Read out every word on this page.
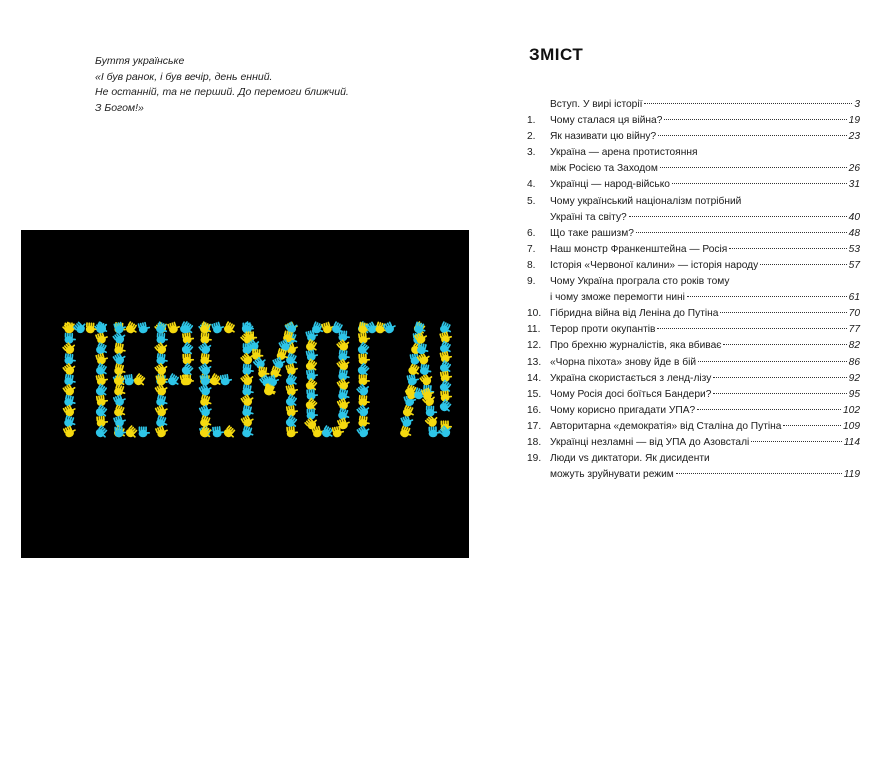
Буття українське
«І був ранок, і був вечір, день енний.
Не останній, та не перший. До перемоги ближчий.
З Богом!»
ЗМІСТ
Вступ. У вирі історії	3
1.	Чому сталася ця війна?	19
2.	Як називати цю війну?	23
3.	Україна — арена протистояння
між Росією та Заходом	26
4.	Українці — народ-військо	31
5.	Чому український націоналізм потрібний
Україні та світу?	40
6.	Що таке рашизм?	48
7.	Наш монстр Франкенштейна — Росія	53
8.	Історія «Червоної калини» — історія народу	57
9.	Чому Україна програла сто років тому
і чому зможе перемогти нині	61
10. Гібридна війна від Леніна до Путіна	70
11. Терор проти окупантів	77
12. Про брехню журналістів, яка вбиває	82
13. «Чорна піхота» знову йде в бій	86
14. Україна скористається з ленд-лізу	92
15. Чому Росія досі боїться Бандери?	95
16. Чому корисно пригадати УПА?	102
17. Авторитарна «демократія» від Сталіна до Путіна	109
18. Українці незламні — від УПА до Азовсталі	114
19. Люди vs диктатори. Як дисиденти
можуть зруйнувати режим	119
